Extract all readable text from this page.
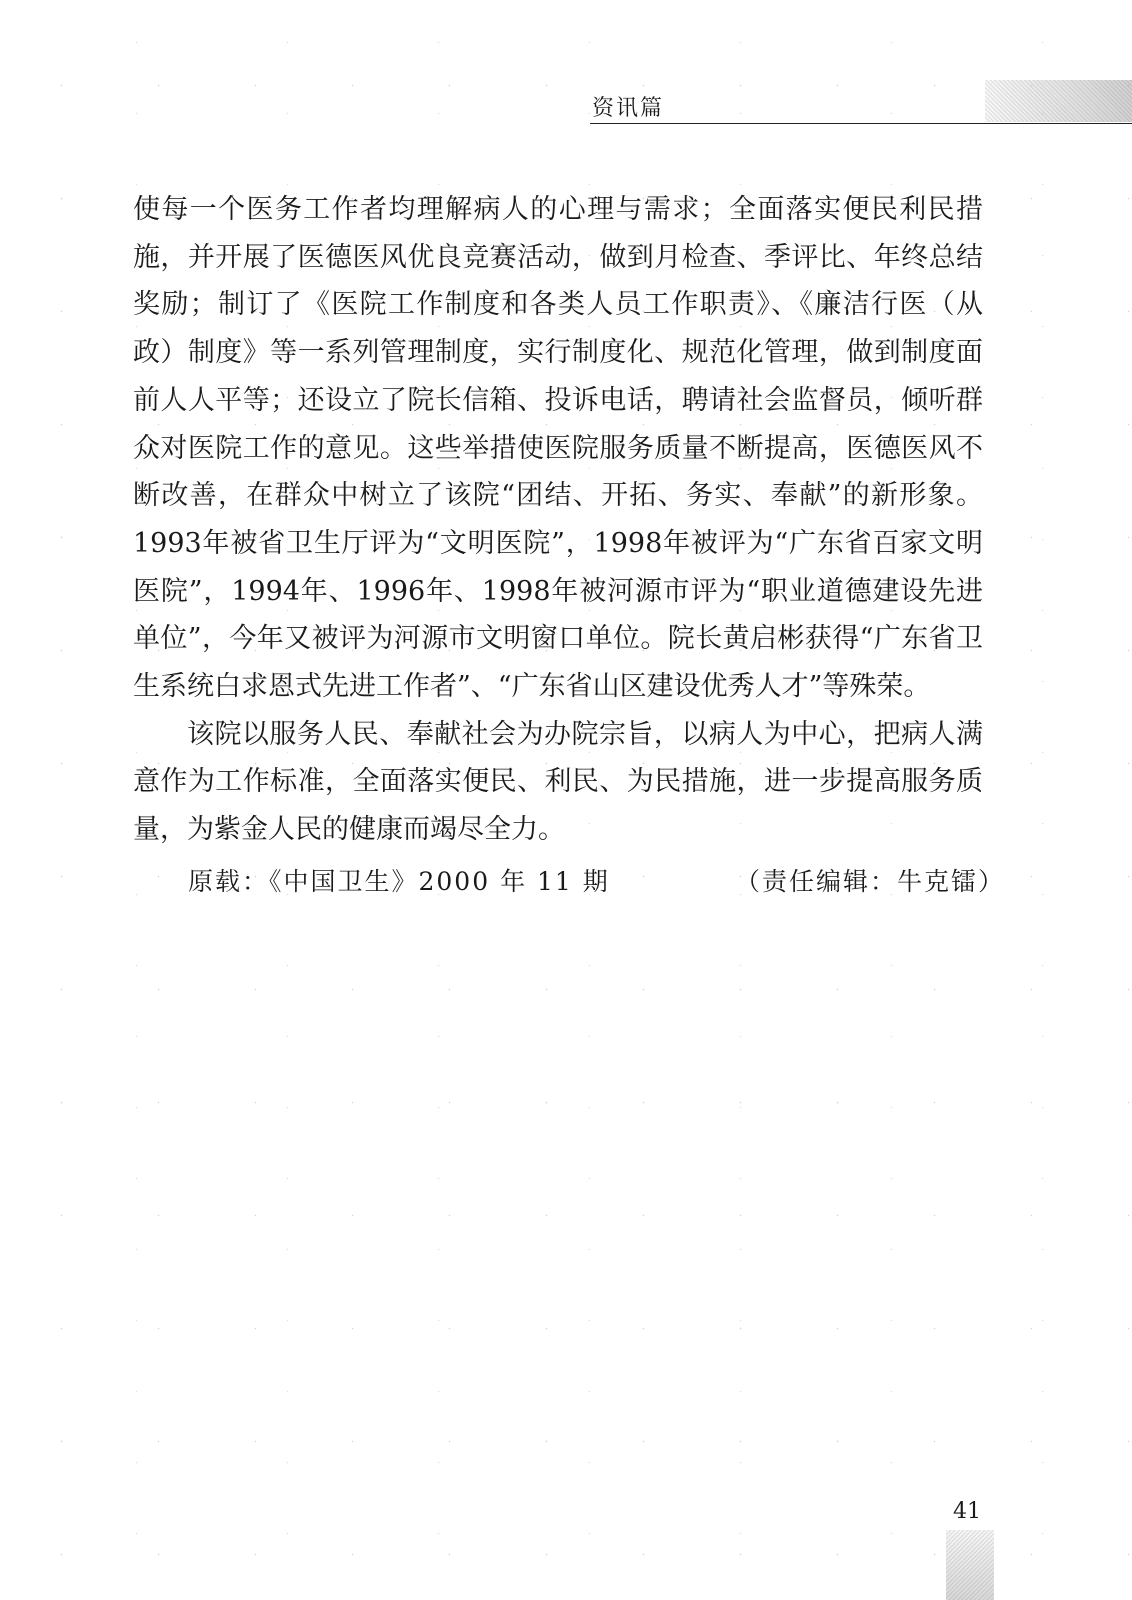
资讯篇

使每一个医务工作者均理解病人的心理与需求；全面落实便民利民措施，并开展了医德医风优良竞赛活动，做到月检查、季评比、年终总结奖励；制订了《医院工作制度和各类人员工作职责》、《廉洁行医（从政）制度》等一系列管理制度，实行制度化、规范化管理，做到制度面前人人平等；还设立了院长信箱、投诉电话，聘请社会监督员，倾听群众对医院工作的意见。这些举措使医院服务质量不断提高，医德医风不断改善，在群众中树立了该院“团结、开拓、务实、奉献”的新形象。1993年被省卫生厅评为“文明医院”，1998年被评为“广东省百家文明医院”，1994年、1996年、1998年被河源市评为“职业道德建设先进单位”，今年又被评为河源市文明窗口单位。院长黄启彬获得“广东省卫生系统白求恩式先进工作者”、“广东省山区建设优秀人才”等殊荣。

该院以服务人民、奉献社会为办院宗旨，以病人为中心，把病人满意作为工作标准，全面落实便民、利民、为民措施，进一步提高服务质量，为紫金人民的健康而竭尽全力。

原载：《中国卫生》2000 年 11 期	（责任编辑：牛克镭）
41
